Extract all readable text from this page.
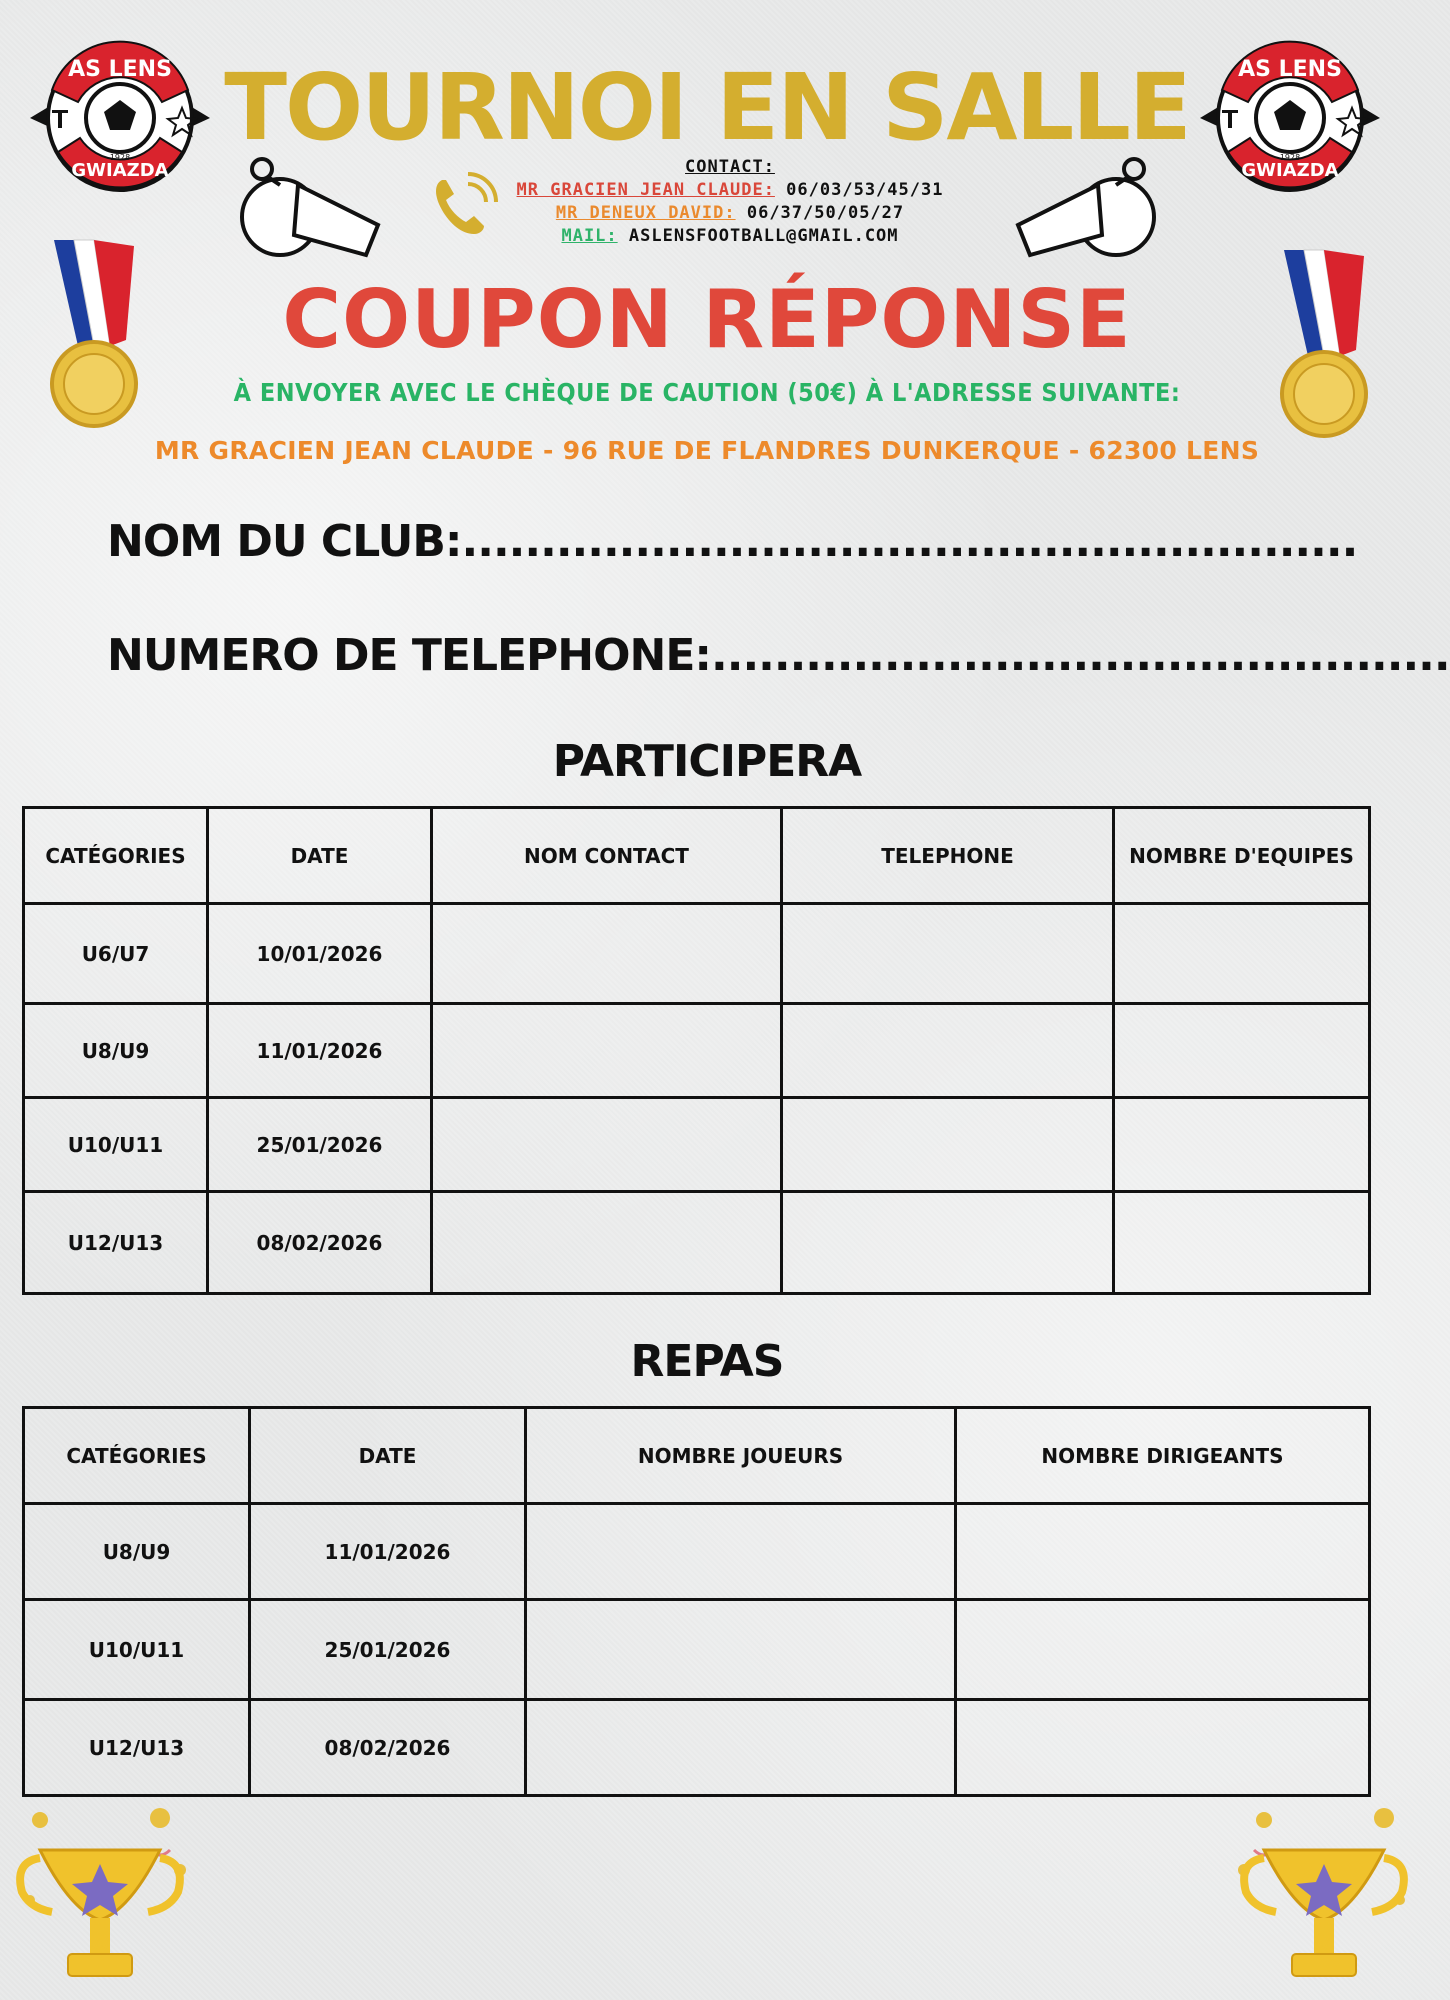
AS LENS
GWIAZDA
1928
AS LENS
GWIAZDA
1928
TOURNOI EN SALLE
CONTACT:
MR GRACIEN JEAN CLAUDE: 06/03/53/45/31
MR DENEUX DAVID: 06/37/50/05/27
MAIL: ASLENSFOOTBALL@GMAIL.COM
COUPON RÉPONSE
À ENVOYER AVEC LE CHÈQUE DE CAUTION (50€) À L'ADRESSE SUIVANTE:
MR GRACIEN JEAN CLAUDE - 96 RUE DE FLANDRES DUNKERQUE - 62300 LENS
NOM DU CLUB:.........................................................
NUMERO DE TELEPHONE:...............................................
PARTICIPERA
CATÉGORIES	DATE	NOM CONTACT	TELEPHONE	NOMBRE D'EQUIPES
U6/U7	10/01/2026			
U8/U9	11/01/2026			
U10/U11	25/01/2026			
U12/U13	08/02/2026			
REPAS
CATÉGORIES	DATE	NOMBRE JOUEURS	NOMBRE DIRIGEANTS
U8/U9	11/01/2026		
U10/U11	25/01/2026		
U12/U13	08/02/2026		
